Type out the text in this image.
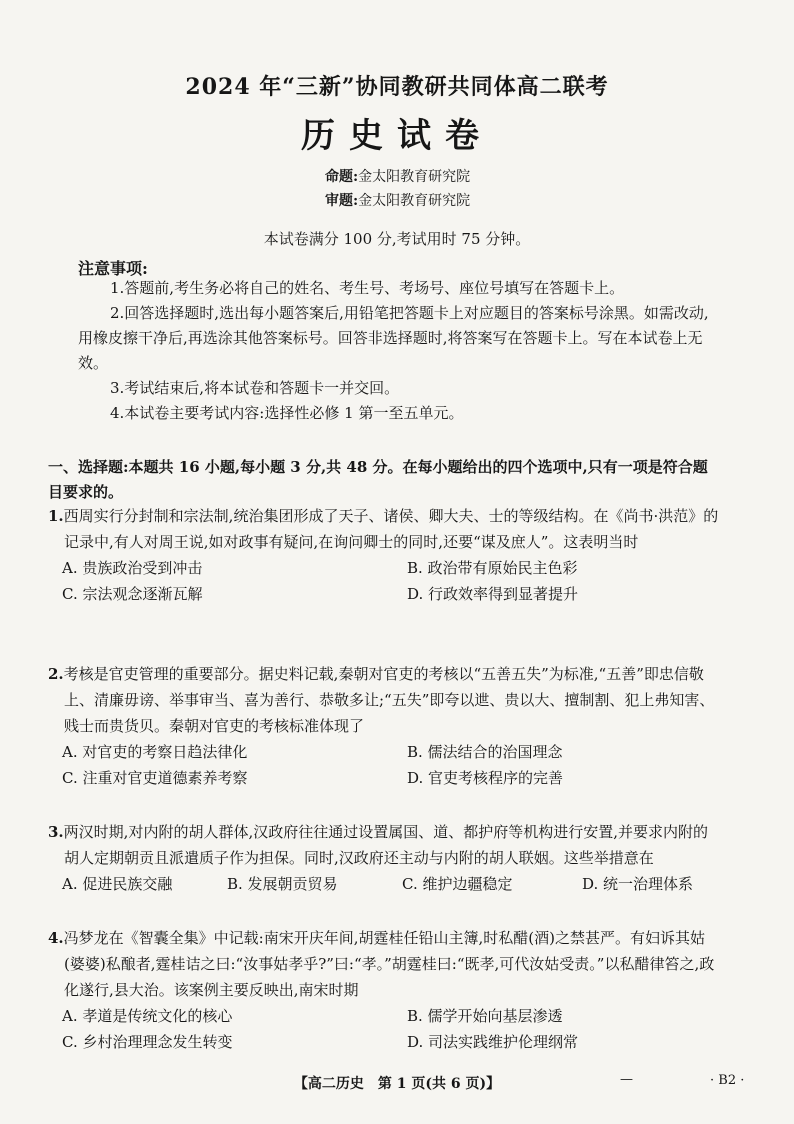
2024 年“三新”协同教研共同体高二联考
历史试卷
命题:金太阳教育研究院
审题:金太阳教育研究院
本试卷满分 100 分,考试用时 75 分钟。
注意事项:
1.答题前,考生务必将自己的姓名、考生号、考场号、座位号填写在答题卡上。
2.回答选择题时,选出每小题答案后,用铅笔把答题卡上对应题目的答案标号涂黑。如需改动,用橡皮擦干净后,再选涂其他答案标号。回答非选择题时,将答案写在答题卡上。写在本试卷上无效。
3.考试结束后,将本试卷和答题卡一并交回。
4.本试卷主要考试内容:选择性必修 1 第一至五单元。
一、选择题:本题共 16 小题,每小题 3 分,共 48 分。在每小题给出的四个选项中,只有一项是符合题目要求的。
1.西周实行分封制和宗法制,统治集团形成了天子、诸侯、卿大夫、士的等级结构。在《尚书·洪范》的记录中,有人对周王说,如对政事有疑问,在询问卿士的同时,还要“谋及庶人”。这表明当时
A. 贵族政治受到冲击	B. 政治带有原始民主色彩
C. 宗法观念逐渐瓦解	D. 行政效率得到显著提升
2.考核是官吏管理的重要部分。据史料记载,秦朝对官吏的考核以“五善五失”为标准,“五善”即忠信敬上、清廉毋谤、举事审当、喜为善行、恭敬多让;“五失”即夸以迣、贵以大、擅制割、犯上弗知害、贱士而贵货贝。秦朝对官吏的考核标准体现了
A. 对官吏的考察日趋法律化	B. 儒法结合的治国理念
C. 注重对官吏道德素养考察	D. 官吏考核程序的完善
3.两汉时期,对内附的胡人群体,汉政府往往通过设置属国、道、都护府等机构进行安置,并要求内附的胡人定期朝贡且派遣质子作为担保。同时,汉政府还主动与内附的胡人联姻。这些举措意在
A. 促进民族交融	B. 发展朝贡贸易	C. 维护边疆稳定	D. 统一治理体系
4.冯梦龙在《智囊全集》中记载:南宋开庆年间,胡霆桂任铅山主簿,时私醋(酒)之禁甚严。有妇诉其姑(婆婆)私酿者,霆桂诘之曰:“汝事姑孝乎?”曰:“孝。”胡霆桂曰:“既孝,可代汝姑受责。”以私醋律笞之,政化遂行,县大治。该案例主要反映出,南宋时期
A. 孝道是传统文化的核心	B. 儒学开始向基层渗透
C. 乡村治理理念发生转变	D. 司法实践维护伦理纲常
【高二历史　第 1 页(共 6 页)】	—	· B2 ·
